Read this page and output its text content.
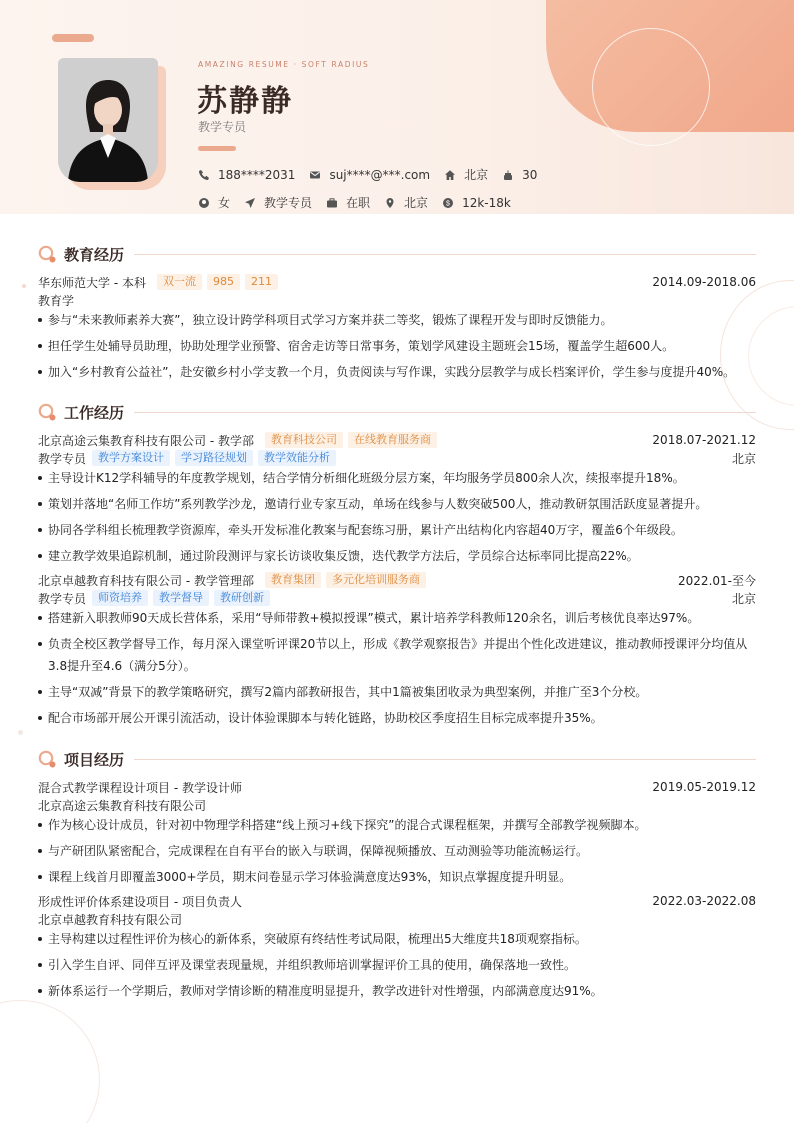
AMAZING RESUME · SOFT RADIUS
苏静静
教学专员
188****2031	suj****@***.com	北京	30
女	教学专员	在职	北京	$ 12k-18k
教育经历
华东师范大学 - 本科	双一流	985	211	2014.09-2018.06
教育学
参与“未来教师素养大赛”，独立设计跨学科项目式学习方案并获二等奖，锻炼了课程开发与即时反馈能力。
担任学生处辅导员助理，协助处理学业预警、宿舍走访等日常事务，策划学风建设主题班会15场，覆盖学生超600人。
加入“乡村教育公益社”，赴安徽乡村小学支教一个月，负责阅读与写作课，实践分层教学与成长档案评价，学生参与度提升40%。
工作经历
北京高途云集教育科技有限公司 - 教学部	教育科技公司	在线教育服务商	2018.07-2021.12
教学专员	教学方案设计	学习路径规划	教学效能分析	北京
主导设计K12学科辅导的年度教学规划，结合学情分析细化班级分层方案，年均服务学员800余人次，续报率提升18%。
策划并落地“名师工作坊”系列教学沙龙，邀请行业专家互动，单场在线参与人数突破500人，推动教研氛围活跃度显著提升。
协同各学科组长梳理教学资源库，牵头开发标准化教案与配套练习册，累计产出结构化内容超40万字，覆盖6个年级段。
建立教学效果追踪机制，通过阶段测评与家长访谈收集反馈，迭代教学方法后，学员综合达标率同比提高22%。
北京卓越教育科技有限公司 - 教学管理部	教育集团	多元化培训服务商	2022.01-至今
教学专员	师资培养	教学督导	教研创新	北京
搭建新入职教师90天成长营体系，采用“导师带教+模拟授课”模式，累计培养学科教师120余名，训后考核优良率达97%。
负责全校区教学督导工作，每月深入课堂听评课20节以上，形成《教学观察报告》并提出个性化改进建议，推动教师授课评分均值从3.8提升至4.6（满分5分）。
主导“双减”背景下的教学策略研究，撰写2篇内部教研报告，其中1篇被集团收录为典型案例，并推广至3个分校。
配合市场部开展公开课引流活动，设计体验课脚本与转化链路，协助校区季度招生目标完成率提升35%。
项目经历
混合式教学课程设计项目 - 教学设计师	2019.05-2019.12
北京高途云集教育科技有限公司
作为核心设计成员，针对初中物理学科搭建“线上预习+线下探究”的混合式课程框架，并撰写全部教学视频脚本。
与产研团队紧密配合，完成课程在自有平台的嵌入与联调，保障视频播放、互动测验等功能流畅运行。
课程上线首月即覆盖3000+学员，期末问卷显示学习体验满意度达93%，知识点掌握度提升明显。
形成性评价体系建设项目 - 项目负责人	2022.03-2022.08
北京卓越教育科技有限公司
主导构建以过程性评价为核心的新体系，突破原有终结性考试局限，梳理出5大维度共18项观察指标。
引入学生自评、同伴互评及课堂表现量规，并组织教师培训掌握评价工具的使用，确保落地一致性。
新体系运行一个学期后，教师对学情诊断的精准度明显提升，教学改进针对性增强，内部满意度达91%。
